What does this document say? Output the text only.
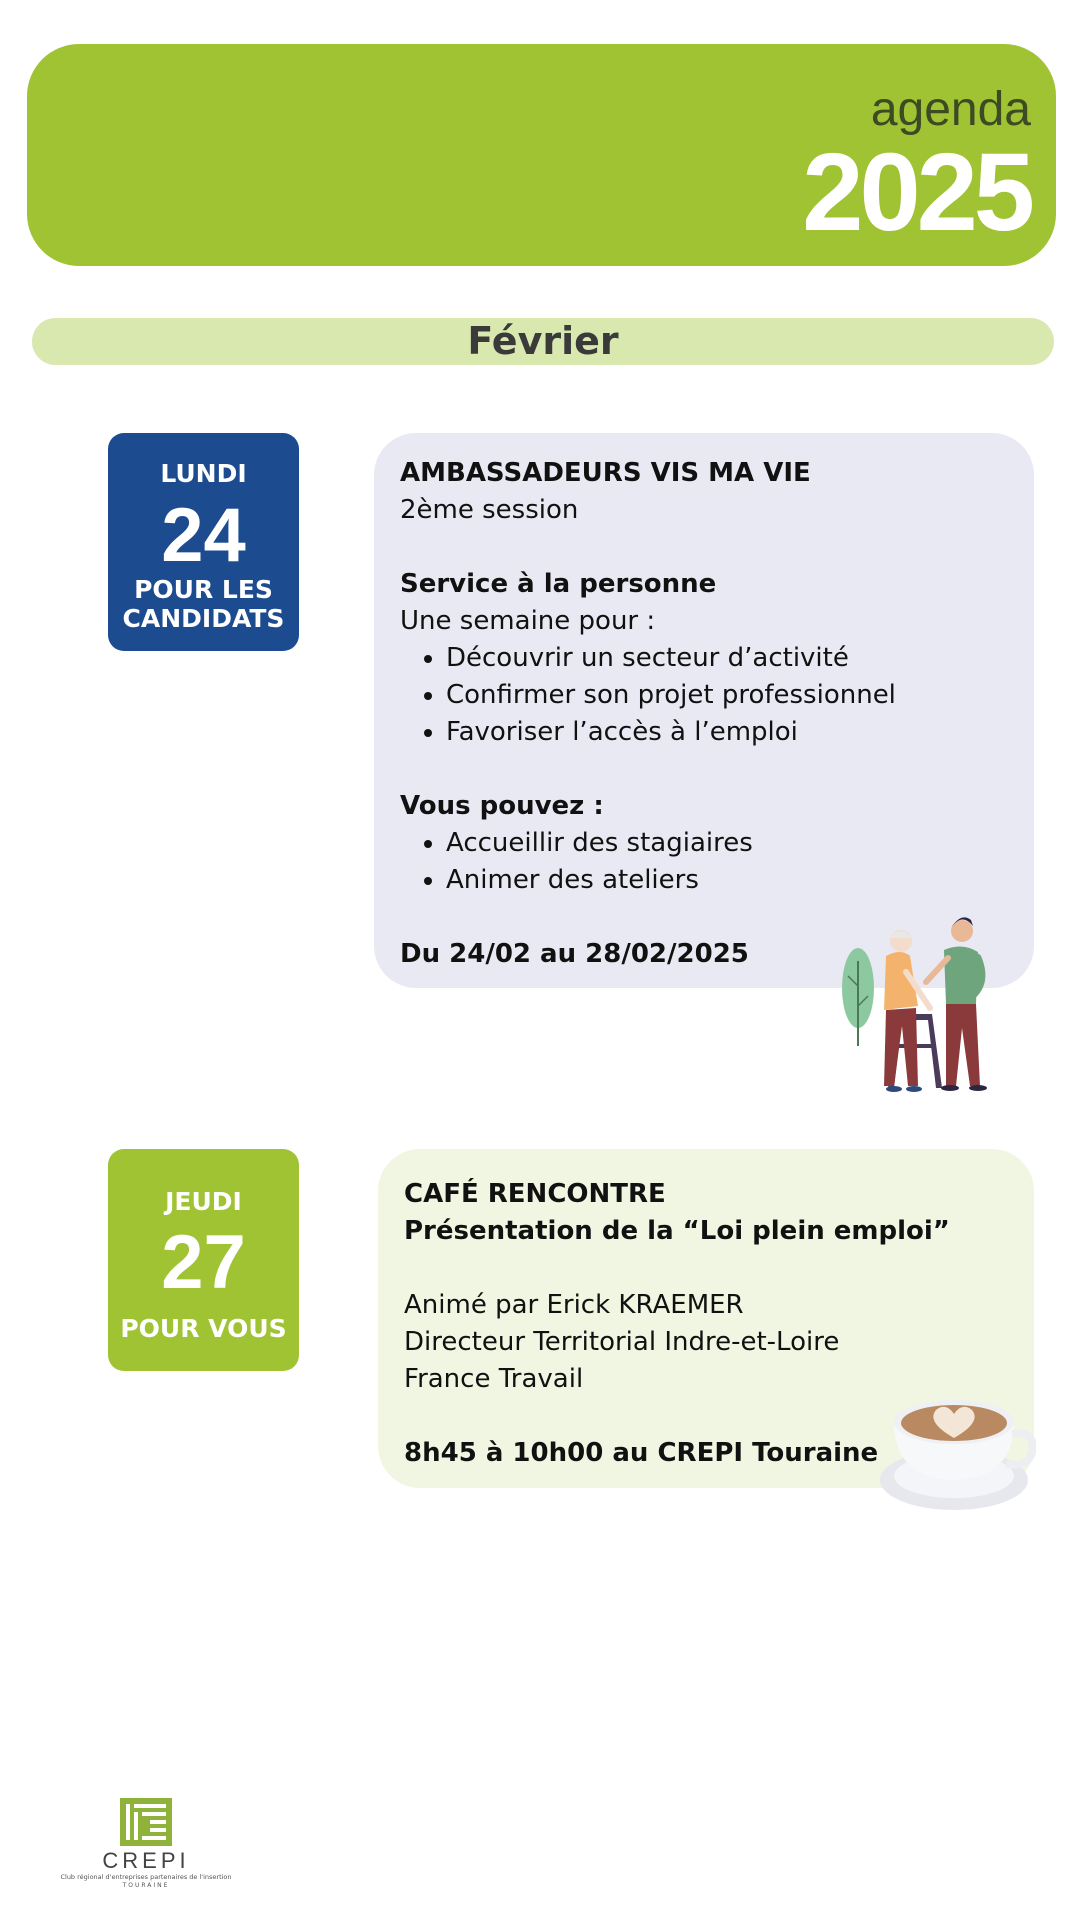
agenda
2025
Février
LUNDI
24
POUR LES CANDIDATS
AMBASSADEURS VIS MA VIE
2ème session
Service à la personne
Une semaine pour :
• Découvrir un secteur d’activité
• Confirmer son projet professionnel
• Favoriser l’accès à l’emploi
Vous pouvez :
• Accueillir des stagiaires
• Animer des ateliers
Du 24/02 au 28/02/2025
JEUDI
27
POUR VOUS
CAFÉ RENCONTRE
Présentation de la “Loi plein emploi”
Animé par Erick KRAEMER
Directeur Territorial Indre-et-Loire
France Travail
8h45 à 10h00 au CREPI Touraine
CREPI
Club régional d'entreprises partenaires de l'insertion
TOURAINE
